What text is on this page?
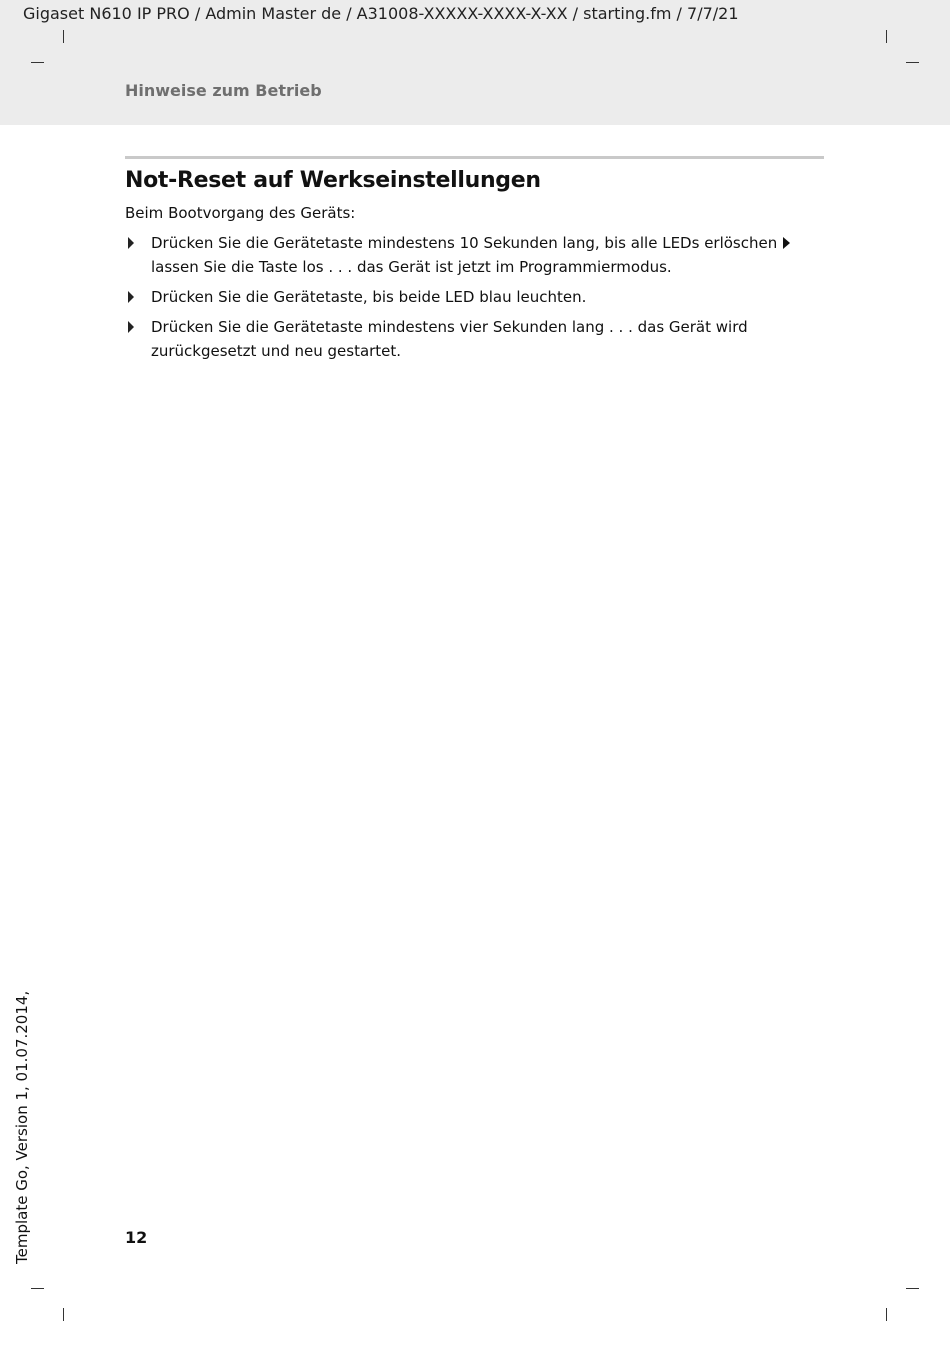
Gigaset N610 IP PRO / Admin Master de / A31008-XXXXX-XXXX-X-XX / starting.fm / 7/7/21
Hinweise zum Betrieb
Not-Reset auf Werkseinstellungen
Beim Bootvorgang des Geräts:
Drücken Sie die Gerätetaste mindestens 10 Sekunden lang, bis alle LEDs erlöschenlassen Sie die Taste los . . . das Gerät ist jetzt im Programmiermodus.
Drücken Sie die Gerätetaste, bis beide LED blau leuchten.
Drücken Sie die Gerätetaste mindestens vier Sekunden lang . . . das Gerät wird zurückgesetzt und neu gestartet.
12
Template Go, Version 1, 01.07.2014,
